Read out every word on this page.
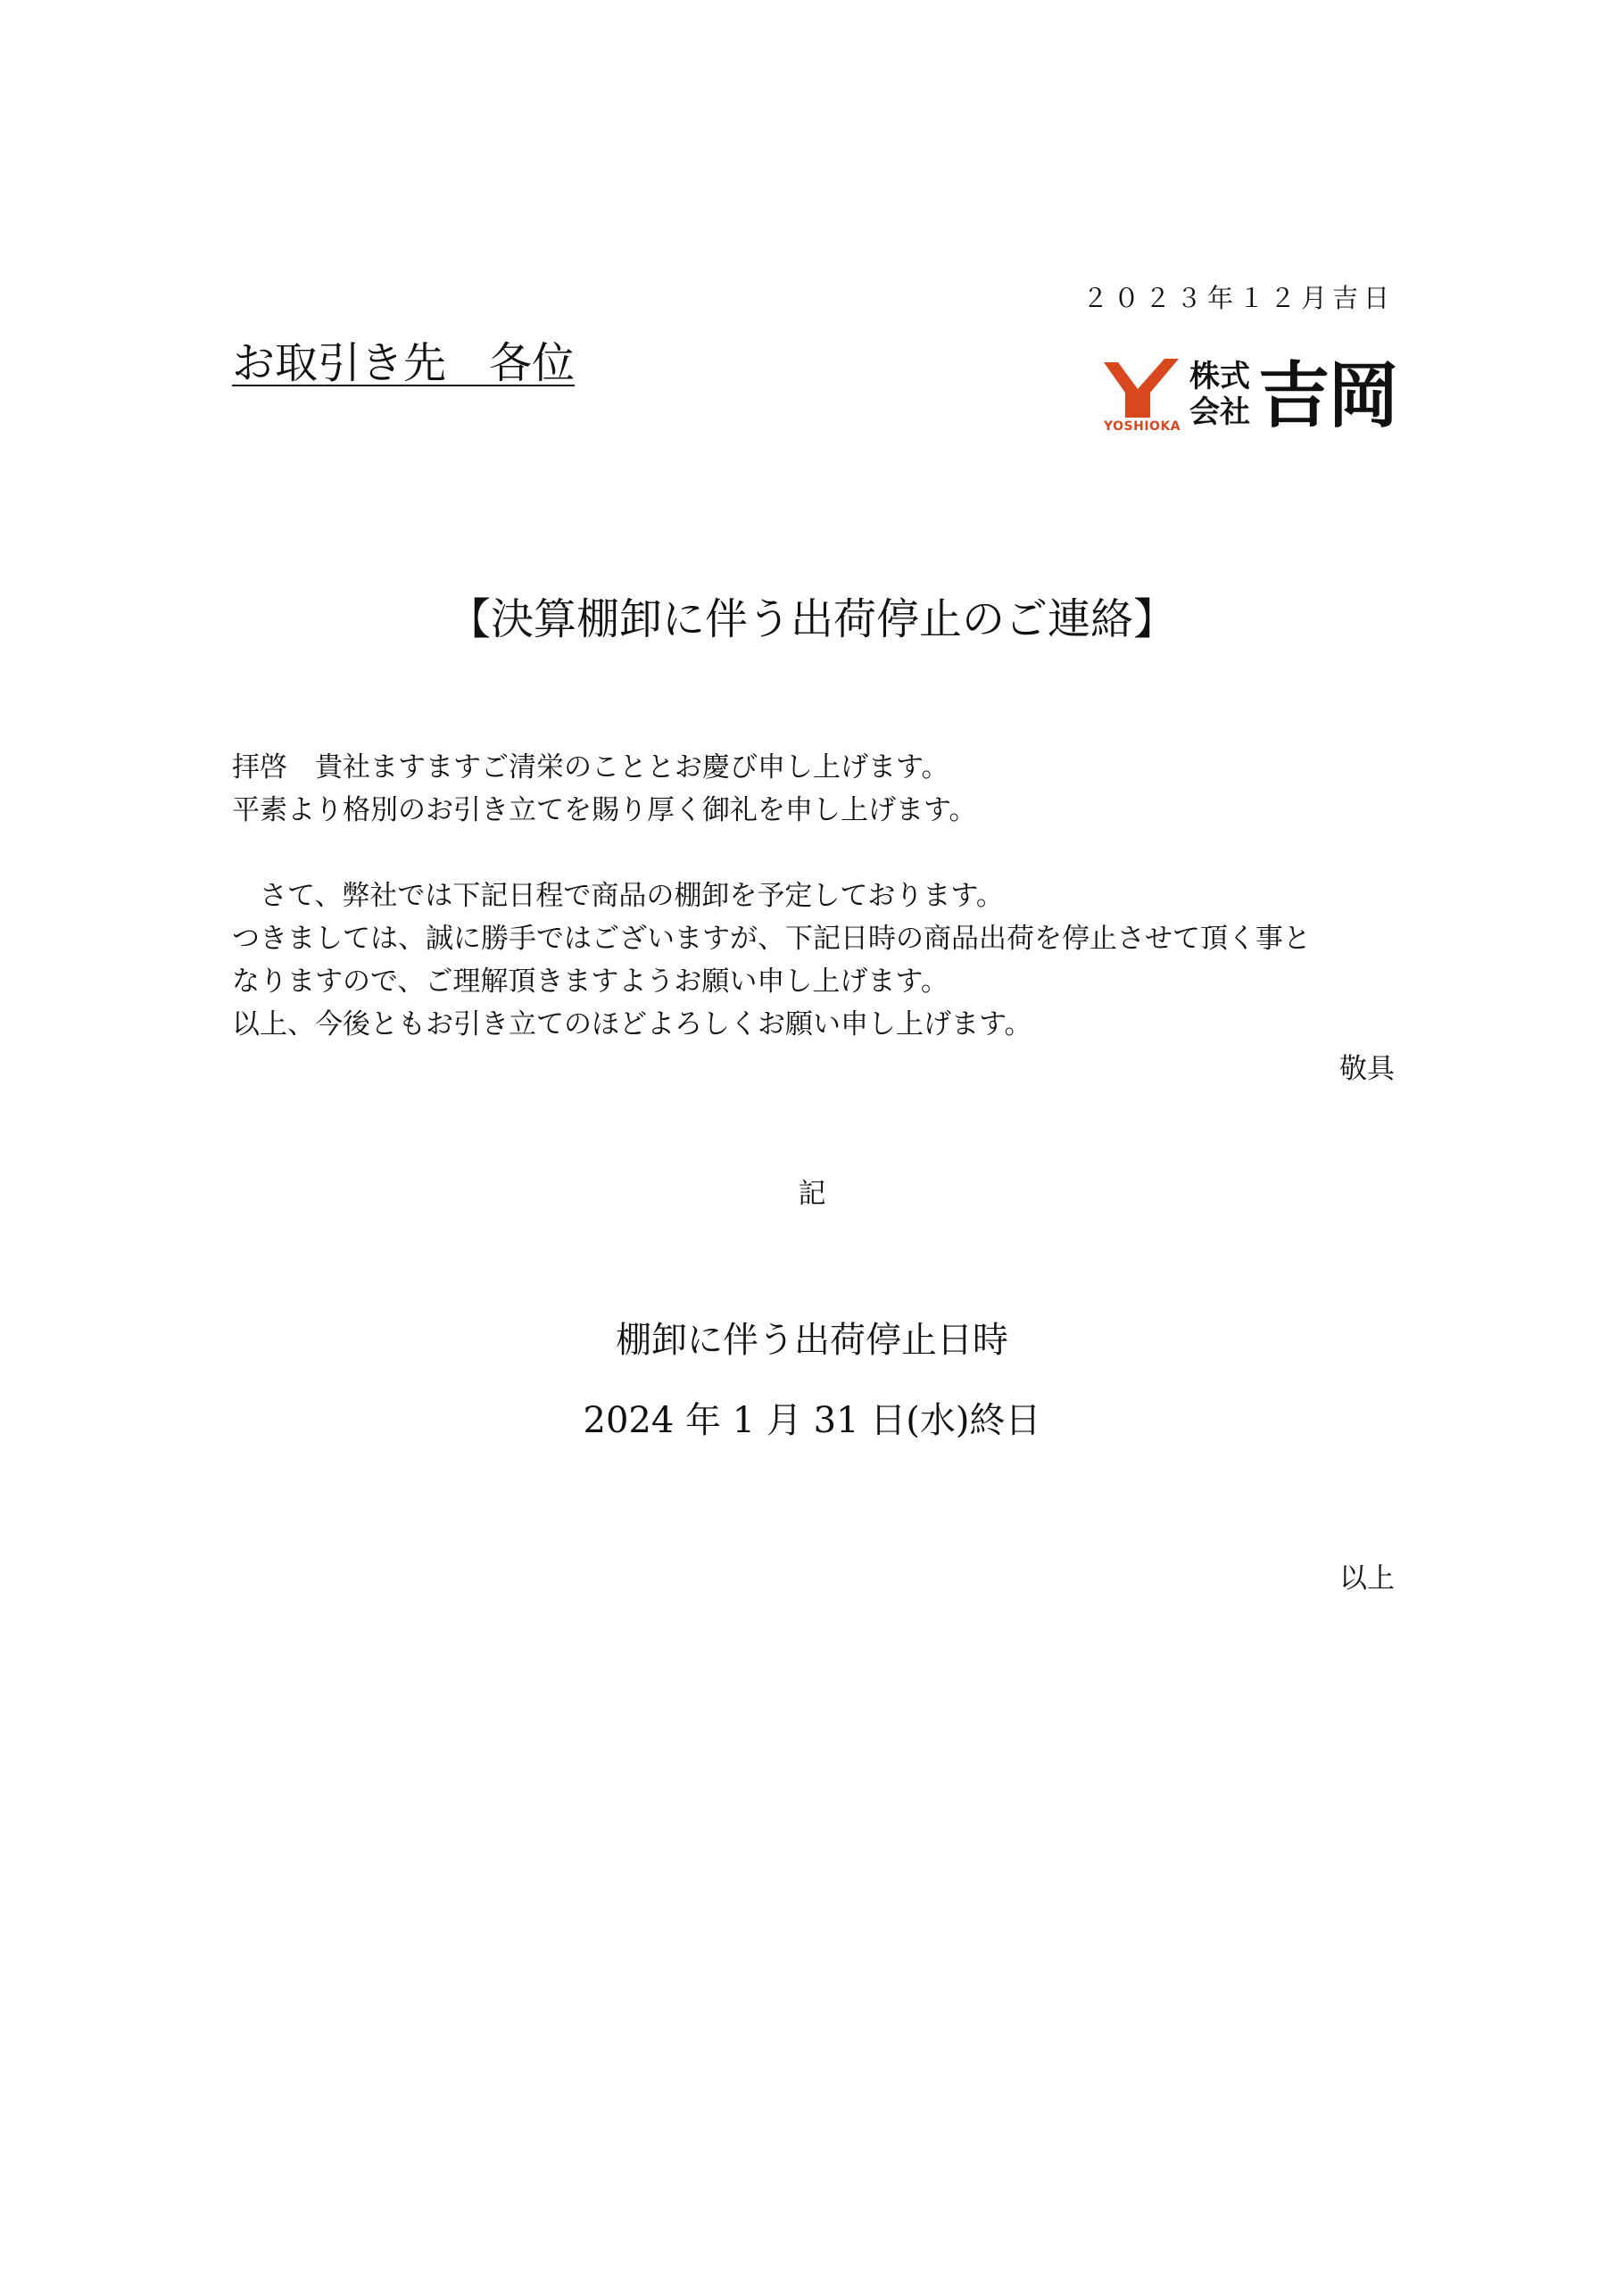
２０２３年１２月吉日
お取引き先　各位	株式
会社 吉岡
YOSHIOKA
【決算棚卸に伴う出荷停止のご連絡】

拝啓　貴社ますますご清栄のこととお慶び申し上げます。

平素より格別のお引き立てを賜り厚く御礼を申し上げます。

　さて、弊社では下記日程で商品の棚卸を予定しております。

つきましては、誠に勝手ではございますが、下記日時の商品出荷を停止させて頂く事と

なりますので、ご理解頂きますようお願い申し上げます。

以上、今後ともお引き立てのほどよろしくお願い申し上げます。

敬具
記
棚卸に伴う出荷停止日時
2024 年 1 月 31 日(水)終日
以上
